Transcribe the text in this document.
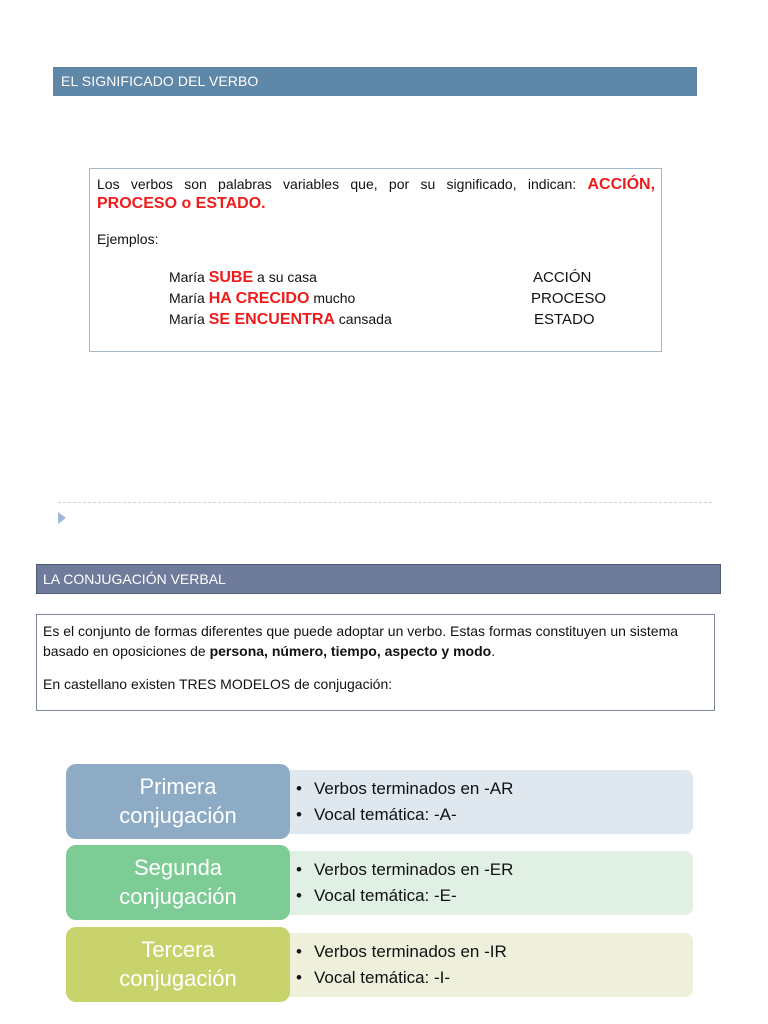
EL SIGNIFICADO DEL VERBO
Los verbos son palabras variables que, por su significado, indican: ACCIÓN, PROCESO o ESTADO.
Ejemplos:
María SUBE a su casa	ACCIÓN
María HA CRECIDO mucho	PROCESO
María SE ENCUENTRA cansada	ESTADO
LA CONJUGACIÓN VERBAL
Es el conjunto de formas diferentes que puede adoptar un verbo. Estas formas constituyen un sistema basado en oposiciones de persona, número, tiempo, aspecto y modo.
En castellano existen TRES MODELOS de conjugación:
• Verbos terminados en -AR
• Vocal temática: -A-
Primera
conjugación
• Verbos terminados en -ER
• Vocal temática: -E-
Segunda
conjugación
• Verbos terminados en -IR
• Vocal temática: -I-
Tercera
conjugación
